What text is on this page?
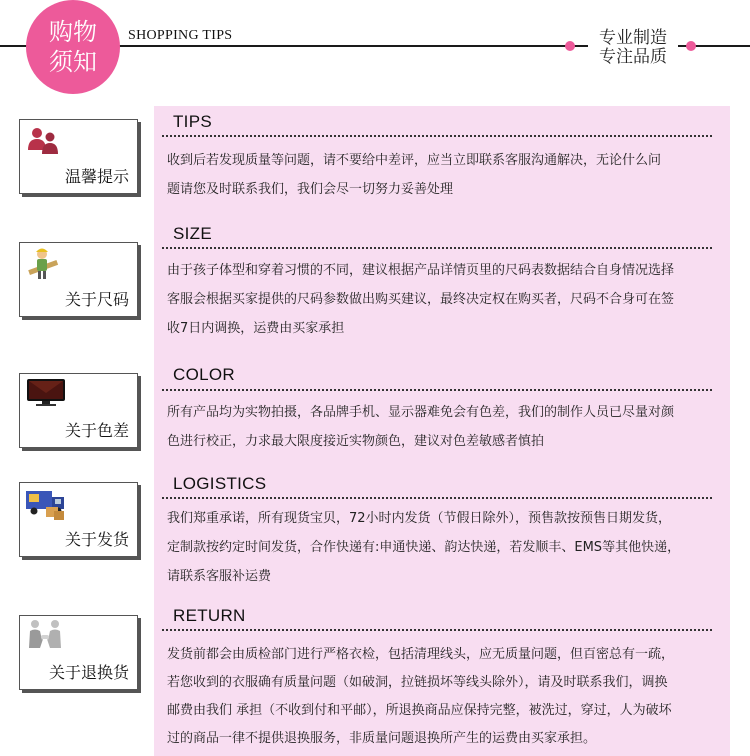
购物
须知
SHOPPING TIPS	专业制造
专注品质
TIPS

收到后若发现质量等问题，请不要给中差评，应当立即联系客服沟通解决，无论什么问

题请您及时联系我们，我们会尽一切努力妥善处理

SIZE

由于孩子体型和穿着习惯的不同，建议根据产品详情页里的尺码表数据结合自身情况选择

客服会根据买家提供的尺码参数做出购买建议，最终决定权在购买者，尺码不合身可在签

收7日内调换，运费由买家承担

COLOR

所有产品均为实物拍摄，各品牌手机、显示器难免会有色差，我们的制作人员已尽量对颜

色进行校正，力求最大限度接近实物颜色，建议对色差敏感者慎拍

LOGISTICS

我们郑重承诺，所有现货宝贝，72小时内发货（节假日除外），预售款按预售日期发货，

定制款按约定时间发货，合作快递有:申通快递、韵达快递，若发顺丰、EMS等其他快递，

请联系客服补运费

RETURN

发货前都会由质检部门进行严格衣检，包括清理线头，应无质量问题，但百密总有一疏，

若您收到的衣服确有质量问题（如破洞，拉链损坏等线头除外），请及时联系我们，调换

邮费由我们 承担（不收到付和平邮），所退换商品应保持完整，被洗过，穿过，人为破坏

过的商品一律不提供退换服务，非质量问题退换所产生的运费由买家承担。

温馨提示
关于尺码
关于色差
关于发货
关于退换货
